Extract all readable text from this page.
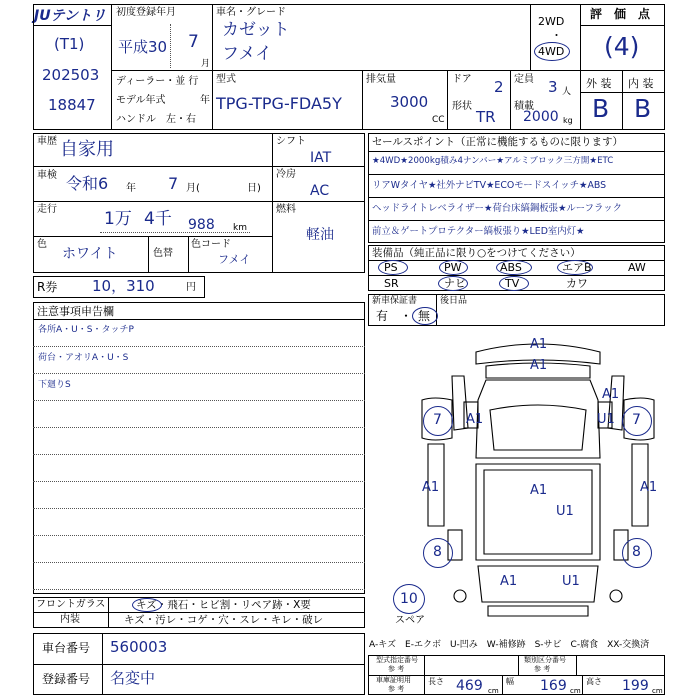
JUテントリ
(T1)
202503
18847
初度登録年月
平成30 7
月
車名・グレード
カゼット
フメイ
2WD
・
4WD
評　価　点
(4)
外 装 内 装
B B
ディーラー・並 行
モデル年式	年
ハンドル　左・右
型式
TPG-TPG-FDA5Y
排気量
3000
CC
ドア 2 定員 3 人
形状
TR
積載
2000 kg
車歴 自家用
車検 令和6 年 7 月(	日)
走行	1万 4千 988 km
色
ホワイト	色替
色コード
フメイ
シフト
IAT
冷房
AC
燃料
軽油
R券 10，310	円
セールスポイント（正常に機能するものに限ります）
★4WD★2000kg積み4ナンバー★アルミブロック三方開★ETC
リアWタイヤ★社外ナビTV★ECOモードスイッチ★ABS
ヘッドライトレベライザー★荷台床縞鋼板張★ルーフラック
前立＆ゲートプロテクター縞板張り★LED室内灯★
装備品（純正品に限り○をつけてください）
PS	PW	ABS	エアB	AW
SR	ナビ	TV	カワ
新車保証書	後日品
有 ・ 無
注意事項申告欄
各所A・U・S・タッチP
荷台・アオリA・U・S
下廻りS
A1
A1
A1
U1
7	7
A1
A1	A1
A1
U1
8	8
A1	U1
10
スペア
フロントガラス
内装
キズ・飛石・ヒビ割・リペア跡・X要
キズ・汚レ・コゲ・穴・スレ・キレ・破レ
車台番号 560003
登録番号 名変中
A-キズ　E-エクボ　U-凹み　W-補修跡　S-サビ　C-腐食　XX-交換済
型式指定番号
参 考
類別区分番号
参 考
車庫証明用
参 考
長さ 469 cm
幅 169 cm
高さ 199 cm
